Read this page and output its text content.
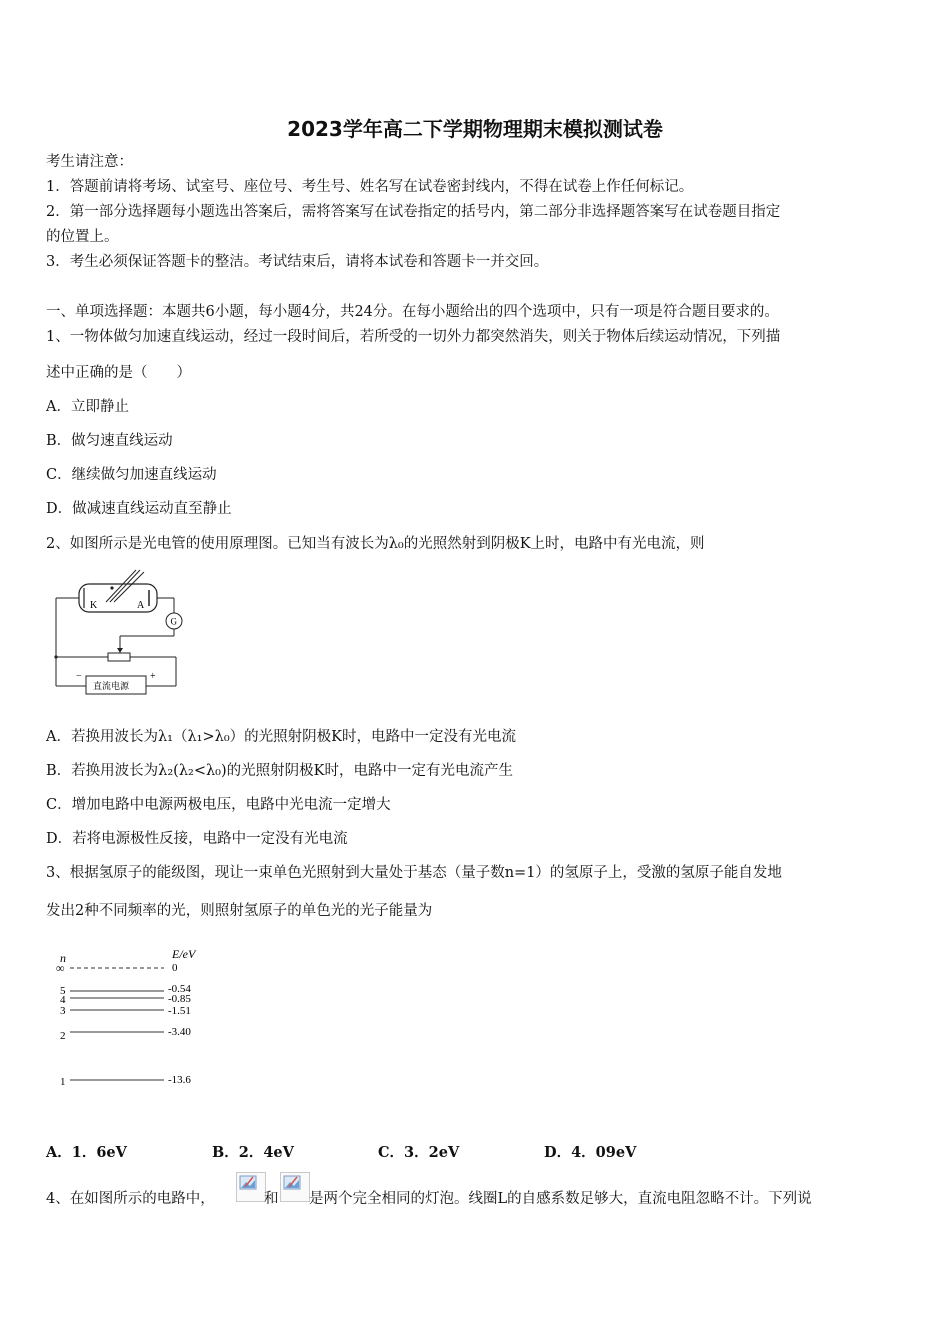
2023学年高二下学期物理期末模拟测试卷
考生请注意：
1．答题前请将考场、试室号、座位号、考生号、姓名写在试卷密封线内，不得在试卷上作任何标记。
2．第一部分选择题每小题选出答案后，需将答案写在试卷指定的括号内，第二部分非选择题答案写在试卷题目指定
的位置上。
3．考生必须保证答题卡的整洁。考试结束后，请将本试卷和答题卡一并交回。
一、单项选择题：本题共6小题，每小题4分，共24分。在每小题给出的四个选项中，只有一项是符合题目要求的。
1、一物体做匀加速直线运动，经过一段时间后，若所受的一切外力都突然消失，则关于物体后续运动情况，下列描
述中正确的是（　　）
A．立即静止
B．做匀速直线运动
C．继续做匀加速直线运动
D．做减速直线运动直至静止
2、如图所示是光电管的使用原理图。已知当有波长为λ₀的光照然射到阴极K上时，电路中有光电流，则
K	A
G
直流电源
−	+
A．若换用波长为λ₁（λ₁>λ₀）的光照射阴极K时，电路中一定没有光电流
B．若换用波长为λ₂(λ₂<λ₀)的光照射阴极K时，电路中一定有光电流产生
C．增加电路中电源两极电压，电路中光电流一定增大
D．若将电源极性反接，电路中一定没有光电流
3、根据氢原子的能级图，现让一束单色光照射到大量处于基态（量子数n=1）的氢原子上，受激的氢原子能自发地
发出2种不同频率的光，则照射氢原子的单色光的光子能量为
n	E/eV
∞
5
4
3
2
1
0
-0.54
-0.85
-1.51
-3.40
-13.6
A．1．6eV	B．2．4eV	C．3．2eV	D．4．09eV
4、在如图所示的电路中，	和 是两个完全相同的灯泡。线圈L的自感系数足够大，直流电阻忽略不计。下列说
